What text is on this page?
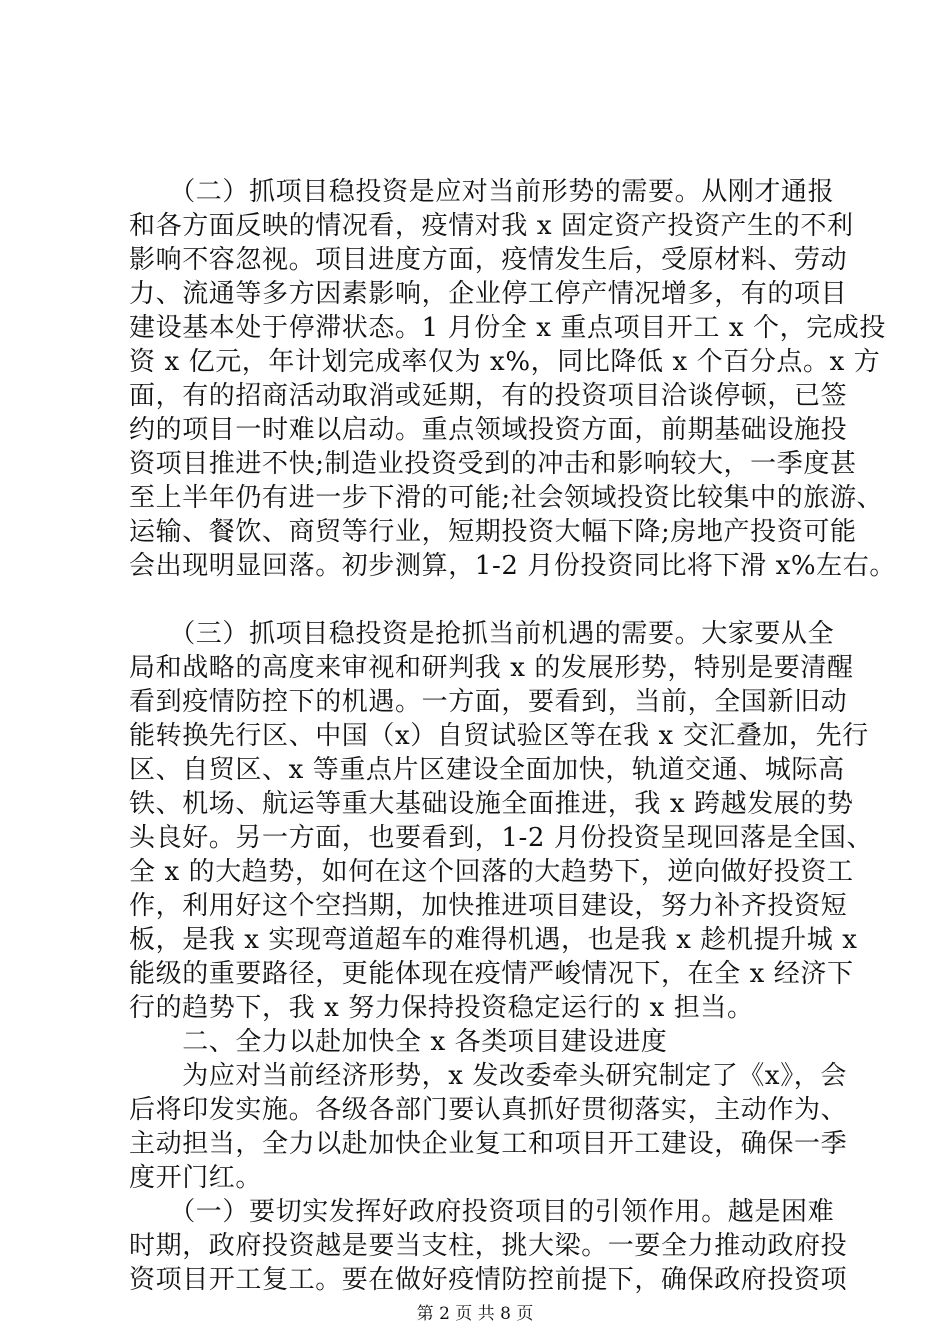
　　（二）抓项目稳投资是应对当前形势的需要。从刚才通报
和各方面反映的情况看，疫情对我 x 固定资产投资产生的不利
影响不容忽视。项目进度方面，疫情发生后，受原材料、劳动
力、流通等多方因素影响，企业停工停产情况增多，有的项目
建设基本处于停滞状态。1 月份全 x 重点项目开工 x 个，完成投
资 x 亿元，年计划完成率仅为 x%，同比降低 x 个百分点。x 方
面，有的招商活动取消或延期，有的投资项目洽谈停顿，已签
约的项目一时难以启动。重点领域投资方面，前期基础设施投
资项目推进不快;制造业投资受到的冲击和影响较大，一季度甚
至上半年仍有进一步下滑的可能;社会领域投资比较集中的旅游、
运输、餐饮、商贸等行业，短期投资大幅下降;房地产投资可能
会出现明显回落。初步测算，1-2 月份投资同比将下滑 x%左右。
　　（三）抓项目稳投资是抢抓当前机遇的需要。大家要从全
局和战略的高度来审视和研判我 x 的发展形势，特别是要清醒
看到疫情防控下的机遇。一方面，要看到，当前，全国新旧动
能转换先行区、中国（x）自贸试验区等在我 x 交汇叠加，先行
区、自贸区、x 等重点片区建设全面加快，轨道交通、城际高
铁、机场、航运等重大基础设施全面推进，我 x 跨越发展的势
头良好。另一方面，也要看到，1-2 月份投资呈现回落是全国、
全 x 的大趋势，如何在这个回落的大趋势下，逆向做好投资工
作，利用好这个空挡期，加快推进项目建设，努力补齐投资短
板，是我 x 实现弯道超车的难得机遇，也是我 x 趁机提升城 x
能级的重要路径，更能体现在疫情严峻情况下，在全 x 经济下
行的趋势下，我 x 努力保持投资稳定运行的 x 担当。
　　二、全力以赴加快全 x 各类项目建设进度
　　为应对当前经济形势，x 发改委牵头研究制定了《x》，会
后将印发实施。各级各部门要认真抓好贯彻落实，主动作为、
主动担当，全力以赴加快企业复工和项目开工建设，确保一季
度开门红。
　　（一）要切实发挥好政府投资项目的引领作用。越是困难
时期，政府投资越是要当支柱，挑大梁。一要全力推动政府投
资项目开工复工。要在做好疫情防控前提下，确保政府投资项
第 2 页 共 8 页
